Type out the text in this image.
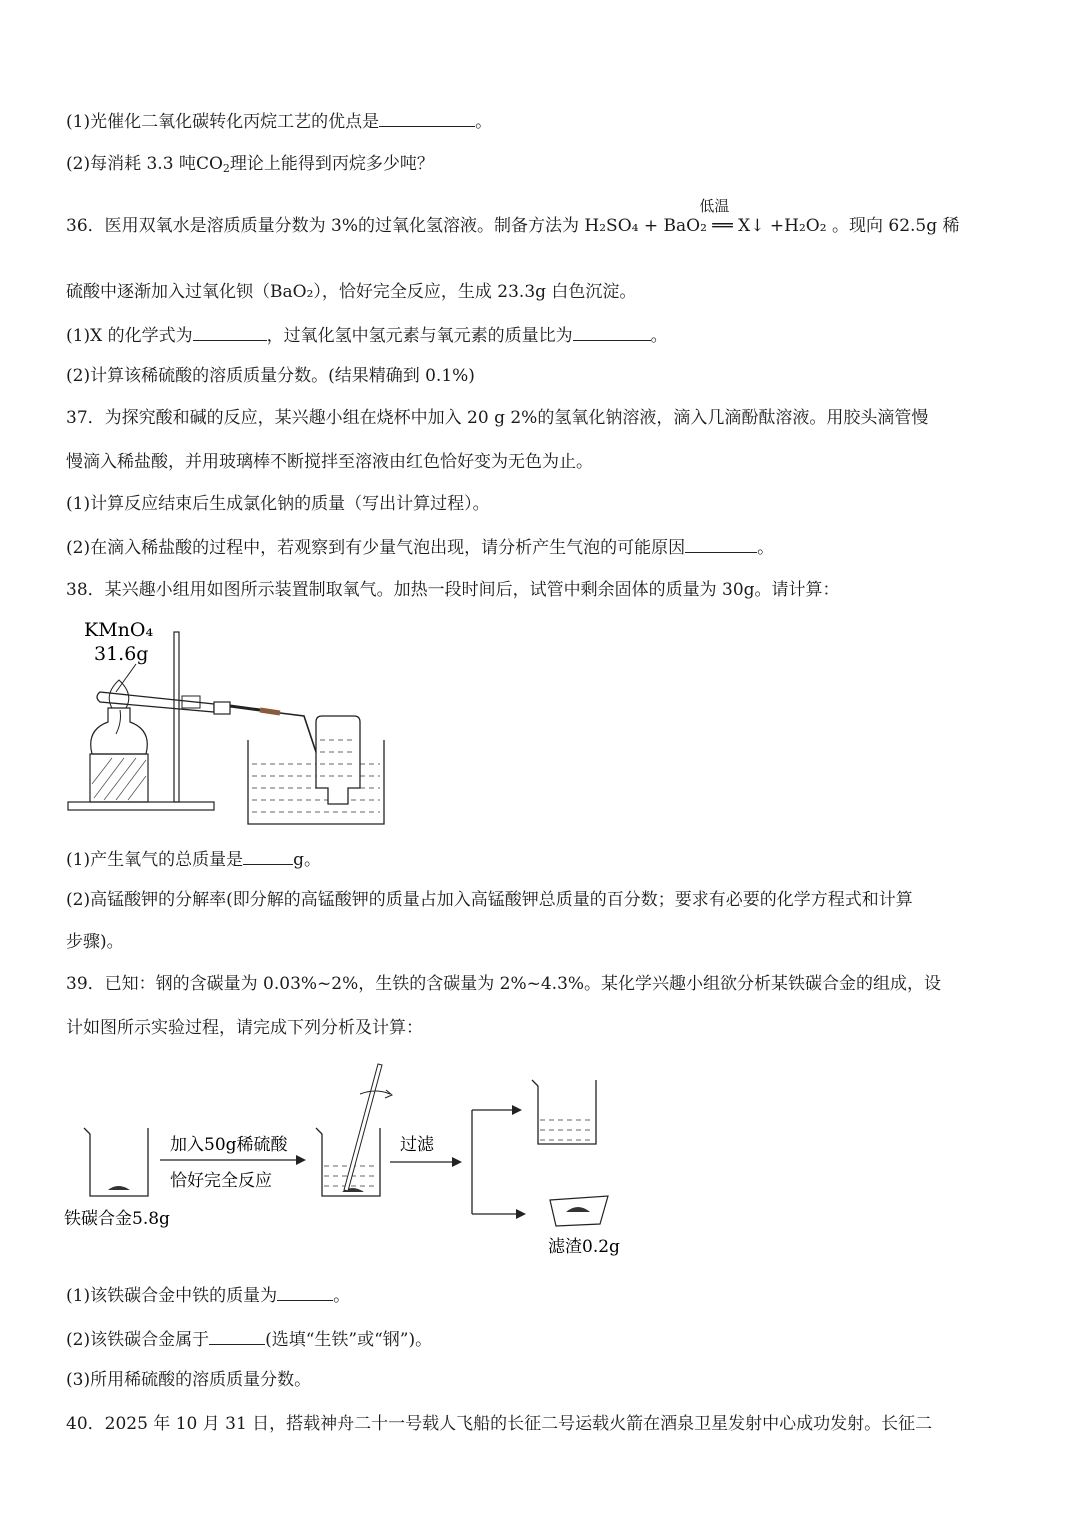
(1)光催化二氧化碳转化丙烷工艺的优点是	。
(2)每消耗 3.3 吨$CO_2$理论上能得到丙烷多少吨？
36．医用双氧水是溶质质量分数为 3%的过氧化氢溶液。制备方法为
低温
H₂SO₄ + BaO₂ ══ X↓ +H₂O₂ 。现向 62.5g 稀
硫酸中逐渐加入过氧化钡（BaO₂），恰好完全反应，生成 23.3g 白色沉淀。
(1)X 的化学式为	，过氧化氢中氢元素与氧元素的质量比为	。
(2)计算该稀硫酸的溶质质量分数。(结果精确到 0.1%)
37．为探究酸和碱的反应，某兴趣小组在烧杯中加入 20 g 2%的氢氧化钠溶液，滴入几滴酚酞溶液。用胶头滴管慢
慢滴入稀盐酸，并用玻璃棒不断搅拌至溶液由红色恰好变为无色为止。
(1)计算反应结束后生成氯化钠的质量（写出计算过程）。
(2)在滴入稀盐酸的过程中，若观察到有少量气泡出现，请分析产生气泡的可能原因	。
38．某兴趣小组用如图所示装置制取氧气。加热一段时间后，试管中剩余固体的质量为 30g。请计算：
KMnO₄
31.6g
(1)产生氧气的总质量是	g。
(2)高锰酸钾的分解率(即分解的高锰酸钾的质量占加入高锰酸钾总质量的百分数；要求有必要的化学方程式和计算
步骤)。
39．已知：钢的含碳量为 0.03%~2%，生铁的含碳量为 2%~4.3%。某化学兴趣小组欲分析某铁碳合金的组成，设
计如图所示实验过程，请完成下列分析及计算：
铁碳合金5.8g
加入50g稀硫酸
恰好完全反应
过滤
滤渣0.2g
(1)该铁碳合金中铁的质量为	。
(2)该铁碳合金属于	(选填“生铁”或“钢”)。
(3)所用稀硫酸的溶质质量分数。
40．2025 年 10 月 31 日，搭载神舟二十一号载人飞船的长征二号运载火箭在酒泉卫星发射中心成功发射。长征二
